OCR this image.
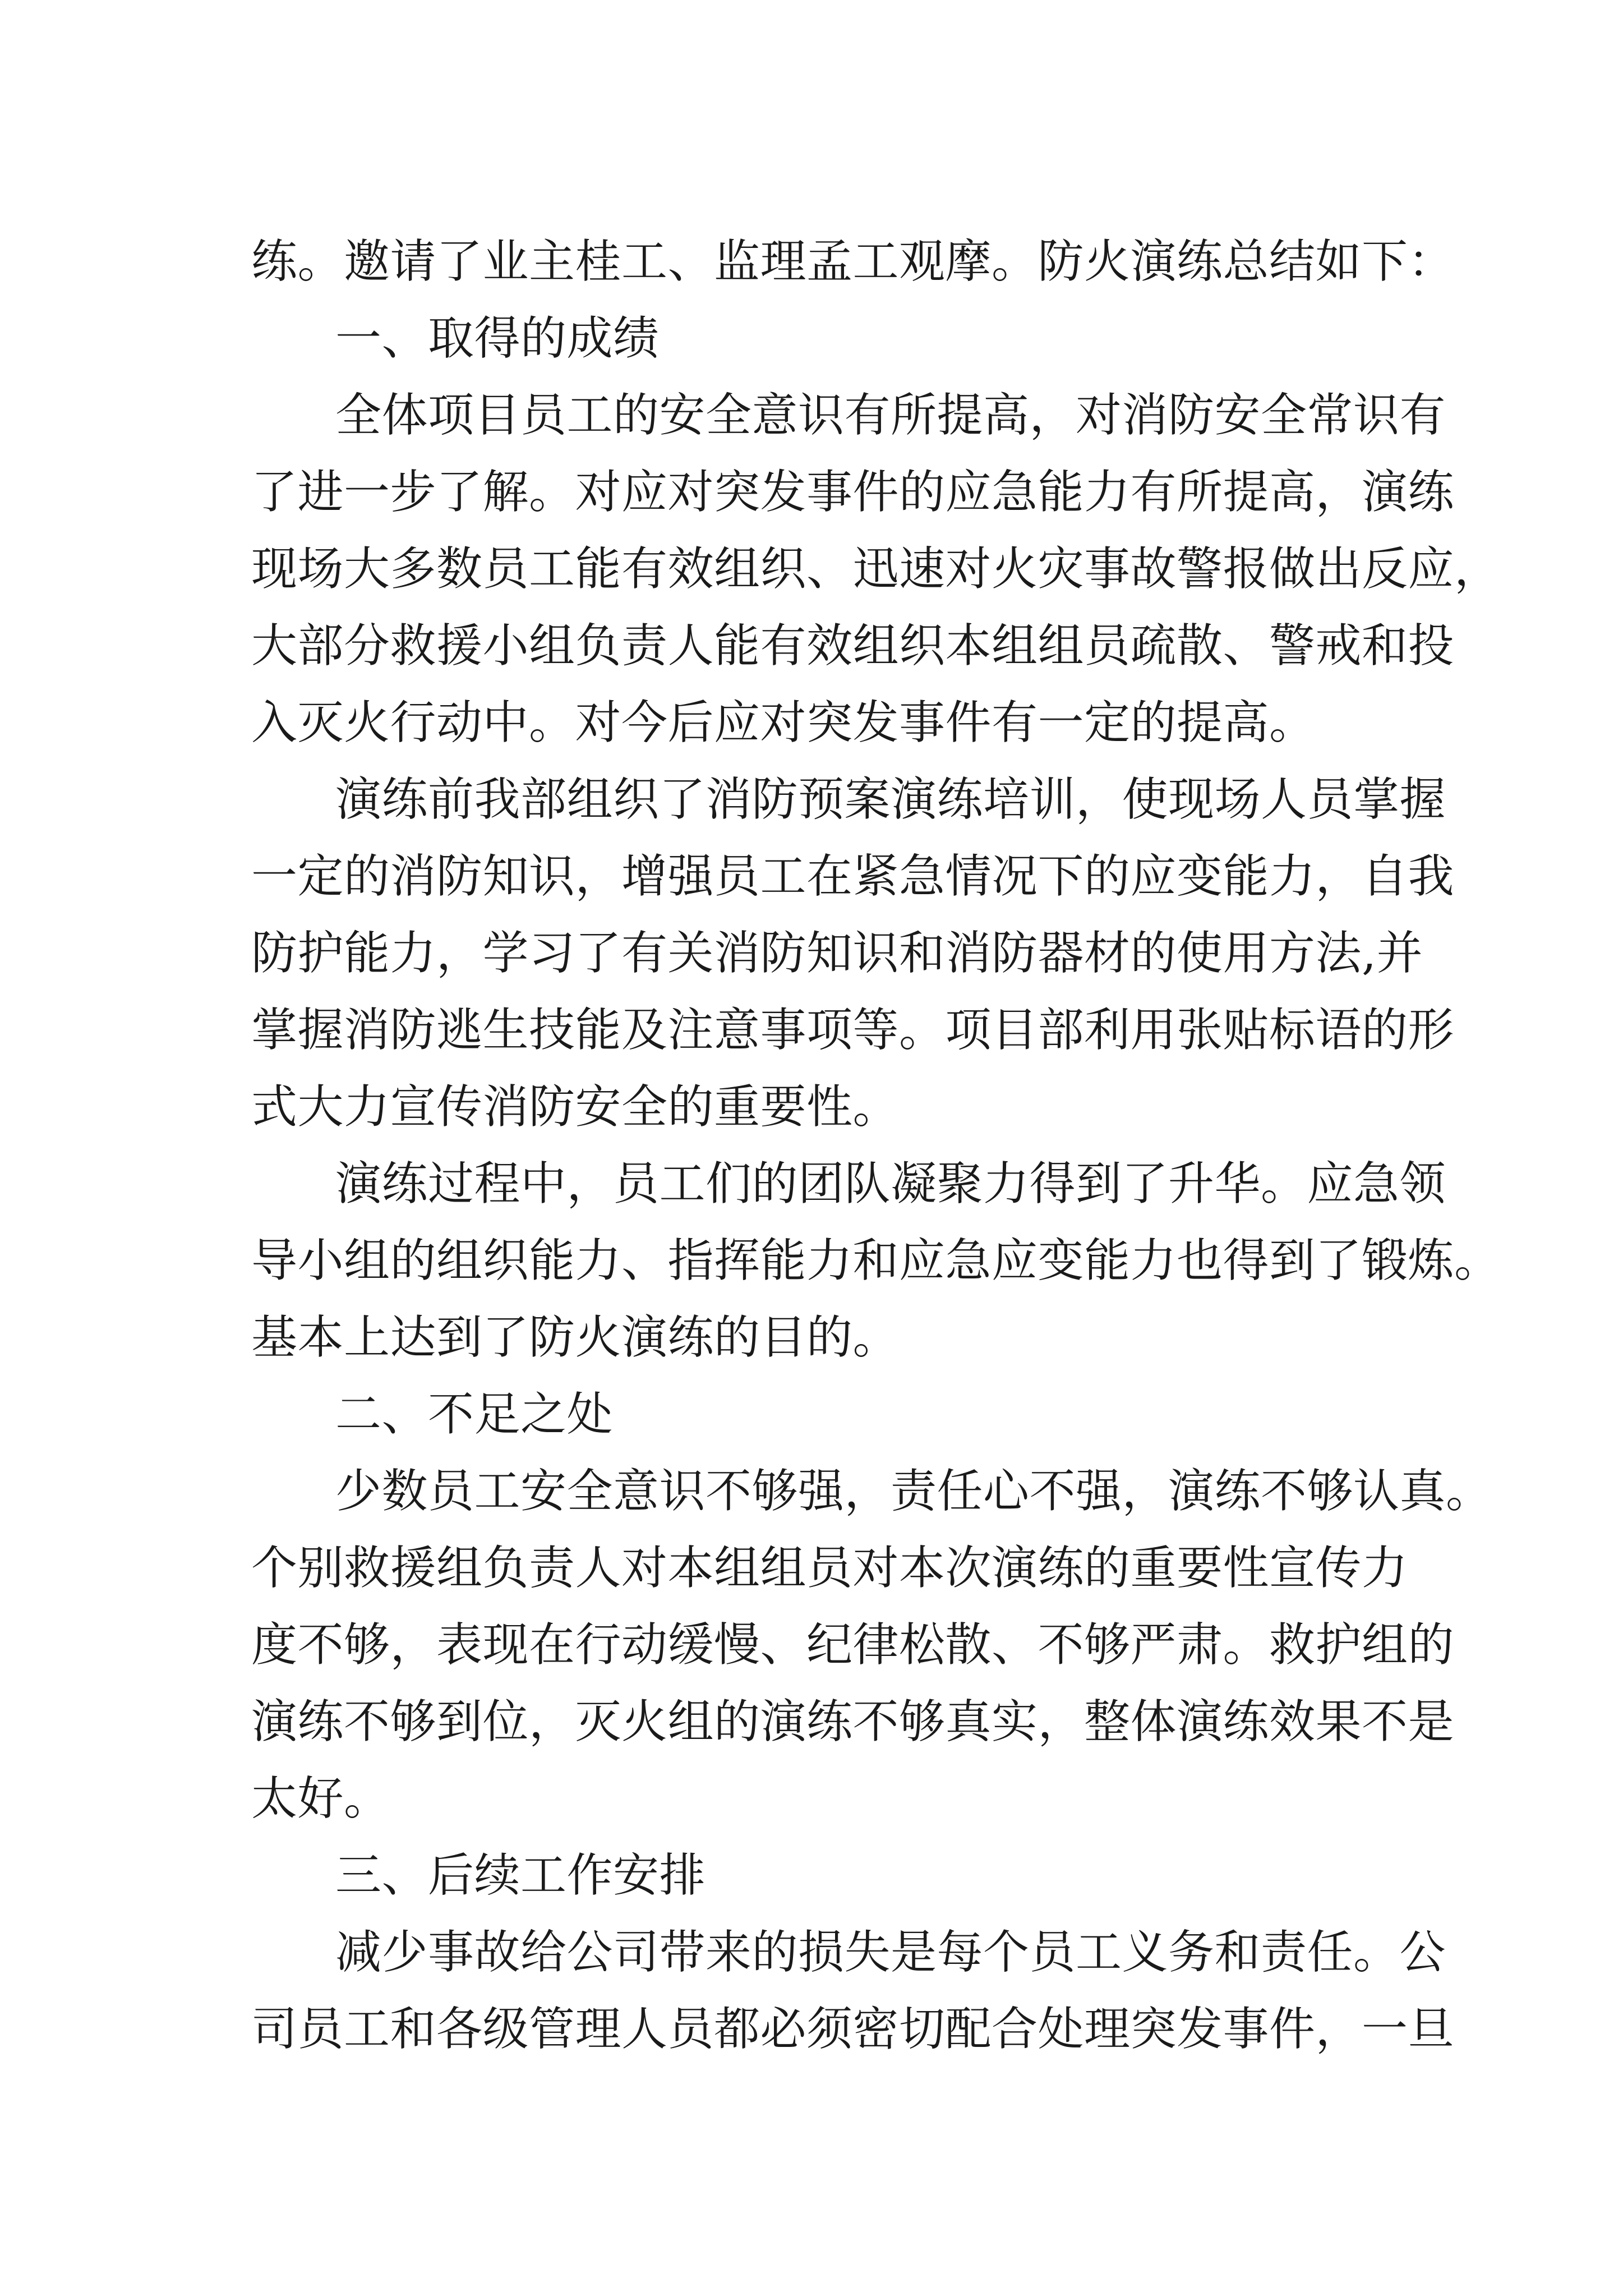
练。邀请了业主桂工、监理孟工观摩。防火演练总结如下：
一、取得的成绩
全体项目员工的安全意识有所提高，对消防安全常识有
了进一步了解。对应对突发事件的应急能力有所提高，演练
现场大多数员工能有效组织、迅速对火灾事故警报做出反应，
大部分救援小组负责人能有效组织本组组员疏散、警戒和投
入灭火行动中。对今后应对突发事件有一定的提高。
演练前我部组织了消防预案演练培训，使现场人员掌握
一定的消防知识，增强员工在紧急情况下的应变能力，自我
防护能力，学习了有关消防知识和消防器材的使用方法,并
掌握消防逃生技能及注意事项等。项目部利用张贴标语的形
式大力宣传消防安全的重要性。
演练过程中，员工们的团队凝聚力得到了升华。应急领
导小组的组织能力、指挥能力和应急应变能力也得到了锻炼。
基本上达到了防火演练的目的。
二、不足之处
少数员工安全意识不够强，责任心不强，演练不够认真。
个别救援组负责人对本组组员对本次演练的重要性宣传力
度不够，表现在行动缓慢、纪律松散、不够严肃。救护组的
演练不够到位，灭火组的演练不够真实，整体演练效果不是
太好。
三、后续工作安排
减少事故给公司带来的损失是每个员工义务和责任。公
司员工和各级管理人员都必须密切配合处理突发事件，一旦
